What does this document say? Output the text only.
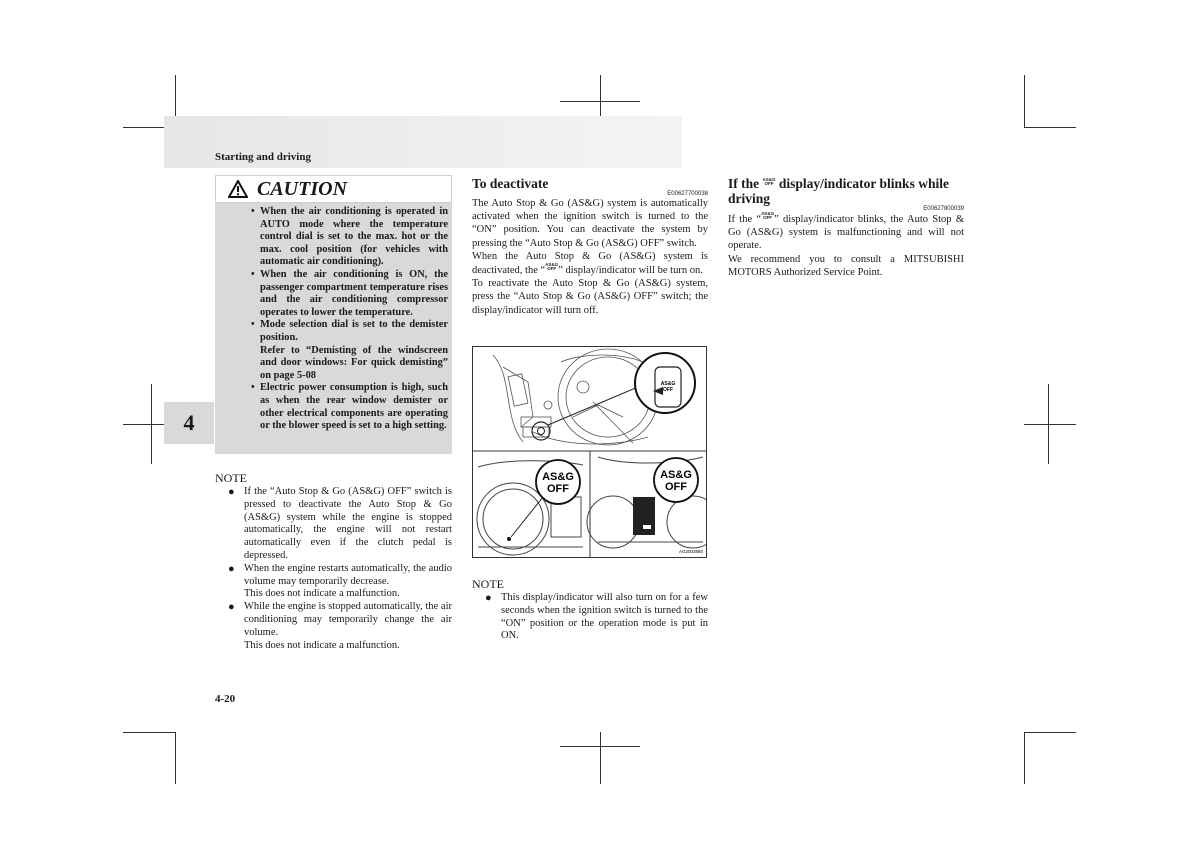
Starting and driving
4
4-20
CAUTION
• When the air conditioning is operated in AUTO mode where the temperature control dial is set to the max. hot or the max. cool position (for vehicles with automatic air conditioning).
• When the air conditioning is ON, the passenger compartment temperature rises and the air conditioning compressor operates to lower the temperature.
• Mode selection dial is set to the demister position.
Refer to “Demisting of the windscreen and door windows: For quick demisting” on page 5-08
• Electric power consumption is high, such as when the rear window demister or other electrical components are operating or the blower speed is set to a high setting.
NOTE
● If the “Auto Stop & Go (AS&G) OFF” switch is pressed to deactivate the Auto Stop & Go (AS&G) system while the engine is stopped automatically, the engine will not restart automatically even if the clutch pedal is depressed.
● When the engine restarts automatically, the audio volume may temporarily decrease.
This does not indicate a malfunction.
● While the engine is stopped automatically, the air conditioning may temporarily change the air volume.
This does not indicate a malfunction.
To deactivate
E00627700038

The Auto Stop & Go (AS&G) system is automatically activated when the ignition switch is turned to the “ON” position. You can deactivate the system by pressing the “Auto Stop & Go (AS&G) OFF” switch.

When the Auto Stop & Go (AS&G) system is deactivated, the “AS&G
OFF ” display/indicator will be turn on.

To reactivate the Auto Stop & Go (AS&G) system, press the “Auto Stop & Go (AS&G) OFF” switch; the display/indicator will turn off.

AS&G
OFF
AS&G
OFF
AS&G
OFF
AG2003880
NOTE
● This display/indicator will also turn on for a few seconds when the ignition switch is turned to the “ON” position or the operation mode is put in ON.
If the AS&G
OFF display/indicator blinks while driving
E00627800039

If the “AS&G
OFF ” display/indicator blinks, the Auto Stop & Go (AS&G) system is malfunctioning and will not operate.

We recommend you to consult a MITSUBISHI MOTORS Authorized Service Point.
